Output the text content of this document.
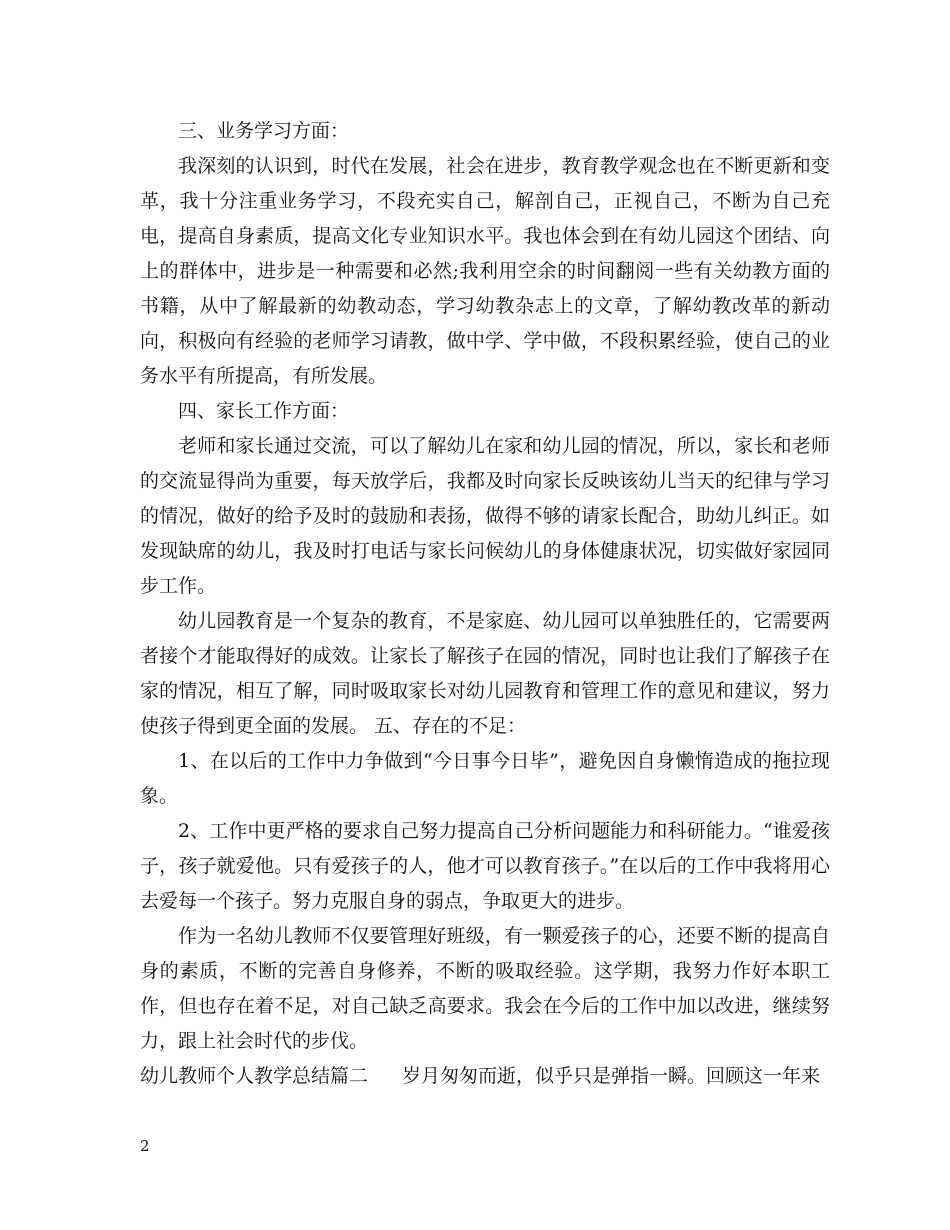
三、业务学习方面：

我深刻的认识到，时代在发展，社会在进步，教育教学观念也在不断更新和变革，我十分注重业务学习，不段充实自己，解剖自己，正视自己，不断为自己充电，提高自身素质，提高文化专业知识水平。我也体会到在有幼儿园这个团结、向上的群体中，进步是一种需要和必然;我利用空余的时间翻阅一些有关幼教方面的书籍，从中了解最新的幼教动态，学习幼教杂志上的文章，了解幼教改革的新动向，积极向有经验的老师学习请教，做中学、学中做，不段积累经验，使自己的业务水平有所提高，有所发展。

四、家长工作方面：

老师和家长通过交流，可以了解幼儿在家和幼儿园的情况，所以，家长和老师的交流显得尚为重要，每天放学后，我都及时向家长反映该幼儿当天的纪律与学习的情况，做好的给予及时的鼓励和表扬，做得不够的请家长配合，助幼儿纠正。如发现缺席的幼儿，我及时打电话与家长问候幼儿的身体健康状况，切实做好家园同步工作。

幼儿园教育是一个复杂的教育，不是家庭、幼儿园可以单独胜任的，它需要两者接个才能取得好的成效。让家长了解孩子在园的情况，同时也让我们了解孩子在家的情况，相互了解，同时吸取家长对幼儿园教育和管理工作的意见和建议，努力使孩子得到更全面的发展。 五、存在的不足：

1、在以后的工作中力争做到“今日事今日毕”，避免因自身懒惰造成的拖拉现象。

2、工作中更严格的要求自己努力提高自己分析问题能力和科研能力。“谁爱孩子，孩子就爱他。只有爱孩子的人，他才可以教育孩子。”在以后的工作中我将用心去爱每一个孩子。努力克服自身的弱点，争取更大的进步。

作为一名幼儿教师不仅要管理好班级，有一颗爱孩子的心，还要不断的提高自身的素质，不断的完善自身修养，不断的吸取经验。这学期，我努力作好本职工作，但也存在着不足，对自己缺乏高要求。我会在今后的工作中加以改进，继续努力，跟上社会时代的步伐。

幼儿教师个人教学总结篇二 岁月匆匆而逝，似乎只是弹指一瞬。回顾这一年来

2
